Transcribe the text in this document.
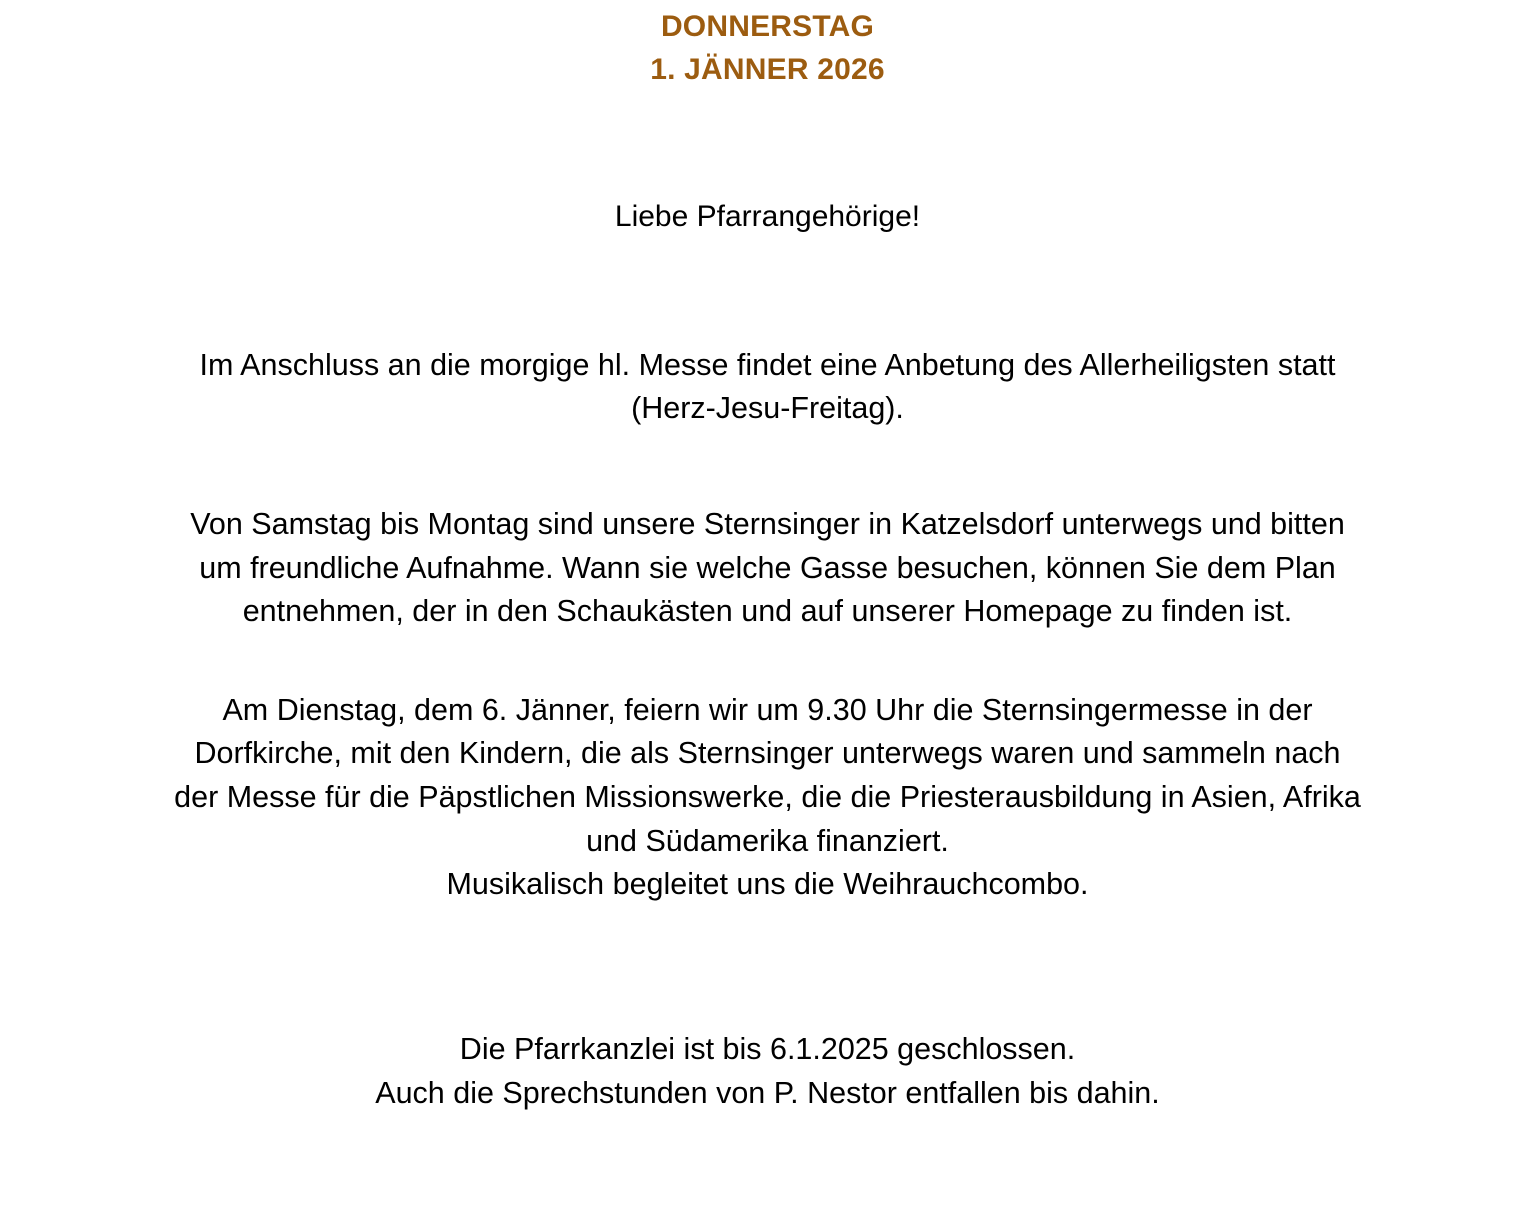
DONNERSTAG
1. JÄNNER 2026
Liebe Pfarrangehörige!

Im Anschluss an die morgige hl. Messe findet eine Anbetung des Allerheiligsten statt
(Herz-Jesu-Freitag).

Von Samstag bis Montag sind unsere Sternsinger in Katzelsdorf unterwegs und bitten
um freundliche Aufnahme. Wann sie welche Gasse besuchen, können Sie dem Plan
entnehmen, der in den Schaukästen und auf unserer Homepage zu finden ist.

Am Dienstag, dem 6. Jänner, feiern wir um 9.30 Uhr die Sternsingermesse in der
Dorfkirche, mit den Kindern, die als Sternsinger unterwegs waren und sammeln nach
der Messe für die Päpstlichen Missionswerke, die die Priesterausbildung in Asien, Afrika
und Südamerika finanziert.
Musikalisch begleitet uns die Weihrauchcombo.

Die Pfarrkanzlei ist bis 6.1.2025 geschlossen.
Auch die Sprechstunden von P. Nestor entfallen bis dahin.
